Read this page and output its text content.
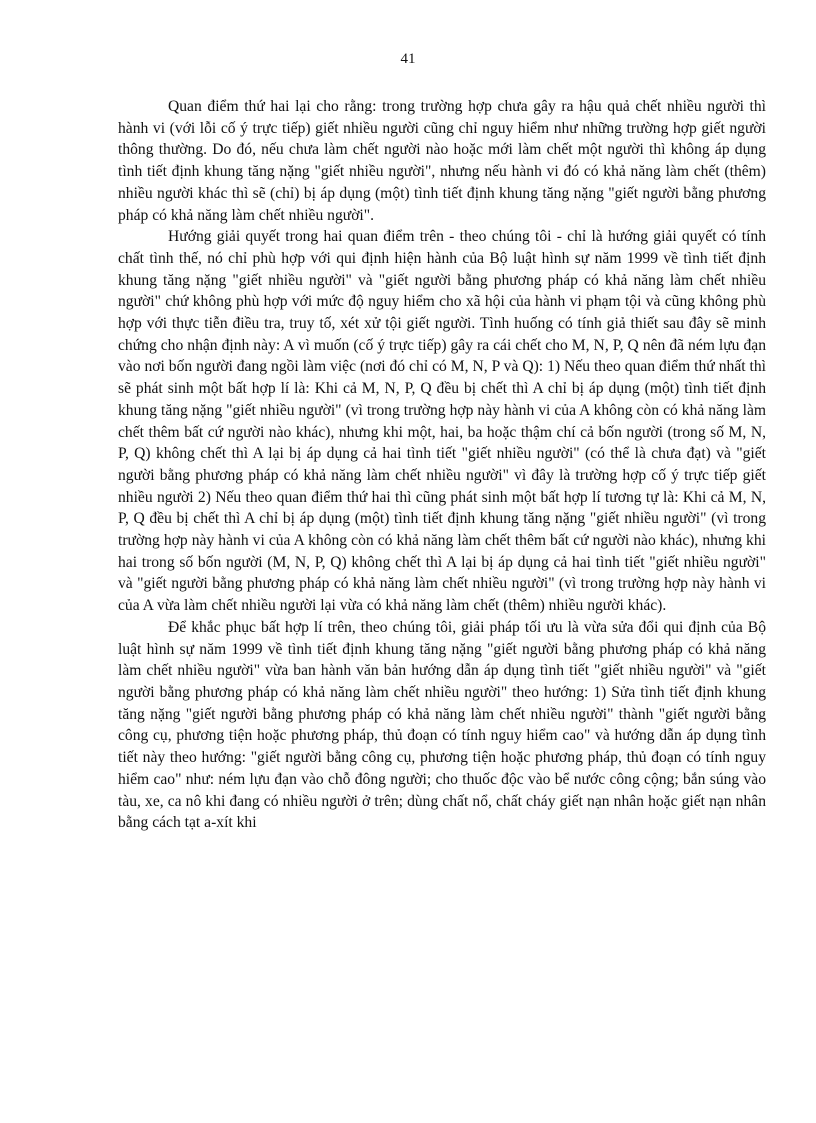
41

Quan điểm thứ hai lại cho rằng: trong trường hợp chưa gây ra hậu quả chết nhiều người thì hành vi (với lỗi cố ý trực tiếp) giết nhiều người cũng chỉ nguy hiểm như những trường hợp giết người thông thường. Do đó, nếu chưa làm chết người nào hoặc mới làm chết một người thì không áp dụng tình tiết định khung tăng nặng "giết nhiều người", nhưng nếu hành vi đó có khả năng làm chết (thêm) nhiều người khác thì sẽ (chỉ) bị áp dụng (một) tình tiết định khung tăng nặng "giết người bằng phương pháp có khả năng làm chết nhiều người".

Hướng giải quyết trong hai quan điểm trên - theo chúng tôi - chỉ là hướng giải quyết có tính chất tình thế, nó chỉ phù hợp với qui định hiện hành của Bộ luật hình sự năm 1999 về tình tiết định khung tăng nặng "giết nhiều người" và "giết người bằng phương pháp có khả năng làm chết nhiều người" chứ không phù hợp với mức độ nguy hiểm cho xã hội của hành vi phạm tội và cũng không phù hợp với thực tiễn điều tra, truy tố, xét xử tội giết người. Tình huống có tính giả thiết sau đây sẽ minh chứng cho nhận định này: A vì muốn (cố ý trực tiếp) gây ra cái chết cho M, N, P, Q nên đã ném lựu đạn vào nơi bốn người đang ngồi làm việc (nơi đó chỉ có M, N, P và Q): 1) Nếu theo quan điểm thứ nhất thì sẽ phát sinh một bất hợp lí là: Khi cả M, N, P, Q đều bị chết thì A chỉ bị áp dụng (một) tình tiết định khung tăng nặng "giết nhiều người" (vì trong trường hợp này hành vi của A không còn có khả năng làm chết thêm bất cứ người nào khác), nhưng khi một, hai, ba hoặc thậm chí cả bốn người (trong số M, N, P, Q) không chết thì A lại bị áp dụng cả hai tình tiết "giết nhiều người" (có thể là chưa đạt) và "giết người bằng phương pháp có khả năng làm chết nhiều người" vì đây là trường hợp cố ý trực tiếp giết nhiều người 2) Nếu theo quan điểm thứ hai thì cũng phát sinh một bất hợp lí tương tự là: Khi cả M, N, P, Q đều bị chết thì A chỉ bị áp dụng (một) tình tiết định khung tăng nặng "giết nhiều người" (vì trong trường hợp này hành vi của A không còn có khả năng làm chết thêm bất cứ người nào khác), nhưng khi hai trong số bốn người (M, N, P, Q) không chết thì A lại bị áp dụng cả hai tình tiết "giết nhiều người" và "giết người bằng phương pháp có khả năng làm chết nhiều người" (vì trong trường hợp này hành vi của A vừa làm chết nhiều người lại vừa có khả năng làm chết (thêm) nhiều người khác).

Để khắc phục bất hợp lí trên, theo chúng tôi, giải pháp tối ưu là vừa sửa đổi qui định của Bộ luật hình sự năm 1999 về tình tiết định khung tăng nặng "giết người bằng phương pháp có khả năng làm chết nhiều người" vừa ban hành văn bản hướng dẫn áp dụng tình tiết "giết nhiều người" và "giết người bằng phương pháp có khả năng làm chết nhiều người" theo hướng: 1) Sửa tình tiết định khung tăng nặng "giết người bằng phương pháp có khả năng làm chết nhiều người" thành "giết người bằng công cụ, phương tiện hoặc phương pháp, thủ đoạn có tính nguy hiểm cao" và hướng dẫn áp dụng tình tiết này theo hướng: "giết người bằng công cụ, phương tiện hoặc phương pháp, thủ đoạn có tính nguy hiểm cao" như: ném lựu đạn vào chỗ đông người; cho thuốc độc vào bể nước công cộng; bắn súng vào tàu, xe, ca nô khi đang có nhiều người ở trên; dùng chất nổ, chất cháy giết nạn nhân hoặc giết nạn nhân bằng cách tạt a-xít khi
